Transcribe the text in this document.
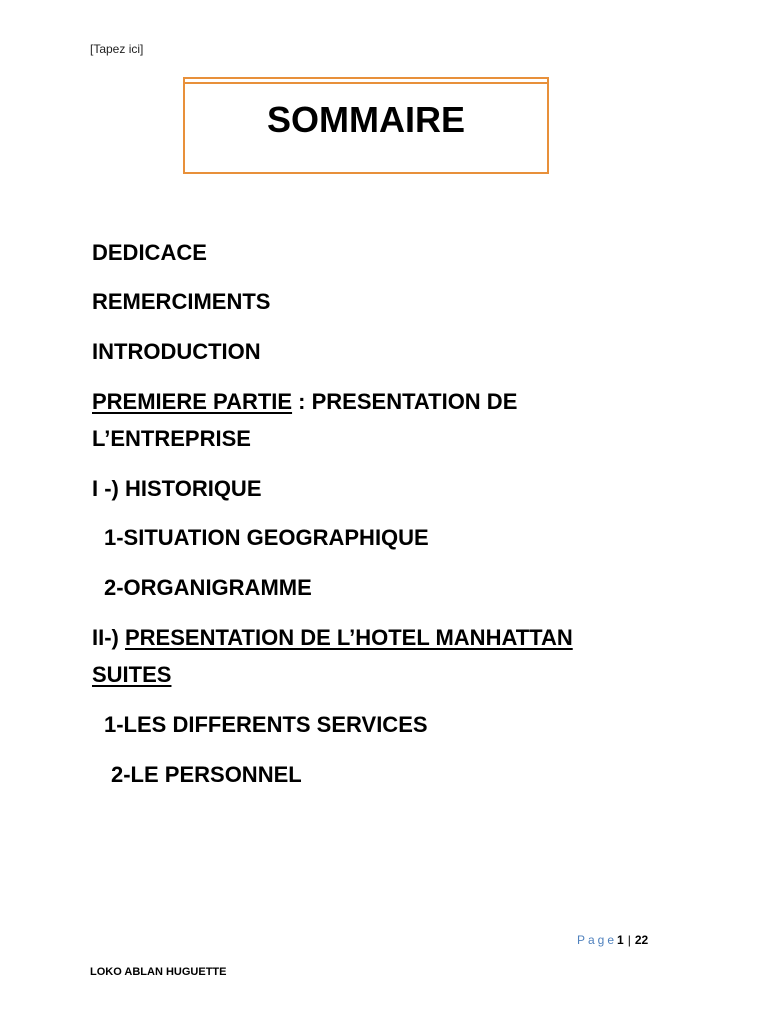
[Tapez ici]
SOMMAIRE
DEDICACE
REMERCIMENTS
INTRODUCTION
PREMIERE PARTIE : PRESENTATION DE
L’ENTREPRISE
I -) HISTORIQUE
1-SITUATION GEOGRAPHIQUE
2-ORGANIGRAMME
II-) PRESENTATION DE L’HOTEL MANHATTAN
SUITES
1-LES DIFFERENTS SERVICES
2-LE PERSONNEL
Page1 | 22
LOKO ABLAN HUGUETTE
